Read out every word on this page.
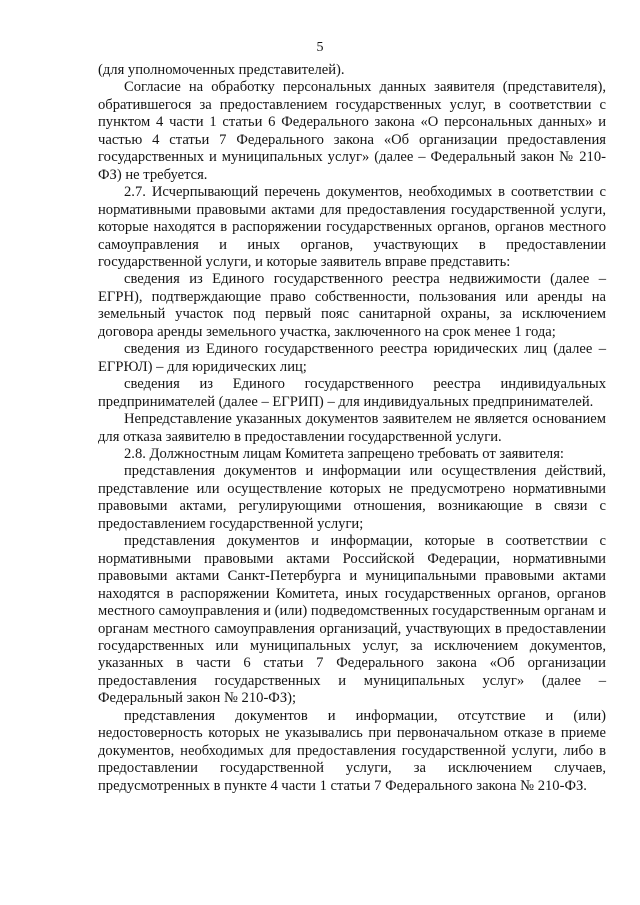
5

(для уполномоченных представителей).

Согласие на обработку персональных данных заявителя (представителя), обратившегося за предоставлением государственных услуг, в соответствии с пунктом 4 части 1 статьи 6 Федерального закона «О персональных данных» и частью 4 статьи 7 Федерального закона «Об организации предоставления государственных и муниципальных услуг» (далее – Федеральный закон № 210-ФЗ) не требуется.

2.7. Исчерпывающий перечень документов, необходимых в соответствии с нормативными правовыми актами для предоставления государственной услуги, которые находятся в распоряжении государственных органов, органов местного самоуправления и иных органов, участвующих в предоставлении государственной услуги, и которые заявитель вправе представить:

сведения из Единого государственного реестра недвижимости (далее – ЕГРН), подтверждающие право собственности, пользования или аренды на земельный участок под первый пояс санитарной охраны, за исключением договора аренды земельного участка, заключенного на срок менее 1 года;

сведения из Единого государственного реестра юридических лиц (далее – ЕГРЮЛ) – для юридических лиц;

сведения из Единого государственного реестра индивидуальных предпринимателей (далее – ЕГРИП) – для индивидуальных предпринимателей.

Непредставление указанных документов заявителем не является основанием для отказа заявителю в предоставлении государственной услуги.

2.8. Должностным лицам Комитета запрещено требовать от заявителя:

представления документов и информации или осуществления действий, представление или осуществление которых не предусмотрено нормативными правовыми актами, регулирующими отношения, возникающие в связи с предоставлением государственной услуги;

представления документов и информации, которые в соответствии с нормативными правовыми актами Российской Федерации, нормативными правовыми актами Санкт-Петербурга и муниципальными правовыми актами находятся в распоряжении Комитета, иных государственных органов, органов местного самоуправления и (или) подведомственных государственным органам и органам местного самоуправления организаций, участвующих в предоставлении государственных или муниципальных услуг, за исключением документов, указанных в части 6 статьи 7 Федерального закона «Об организации предоставления государственных и муниципальных услуг» (далее – Федеральный закон № 210-ФЗ);

представления документов и информации, отсутствие и (или) недостоверность которых не указывались при первоначальном отказе в приеме документов, необходимых для предоставления государственной услуги, либо в предоставлении государственной услуги, за исключением случаев, предусмотренных в пункте 4 части 1 статьи 7 Федерального закона № 210-ФЗ.
